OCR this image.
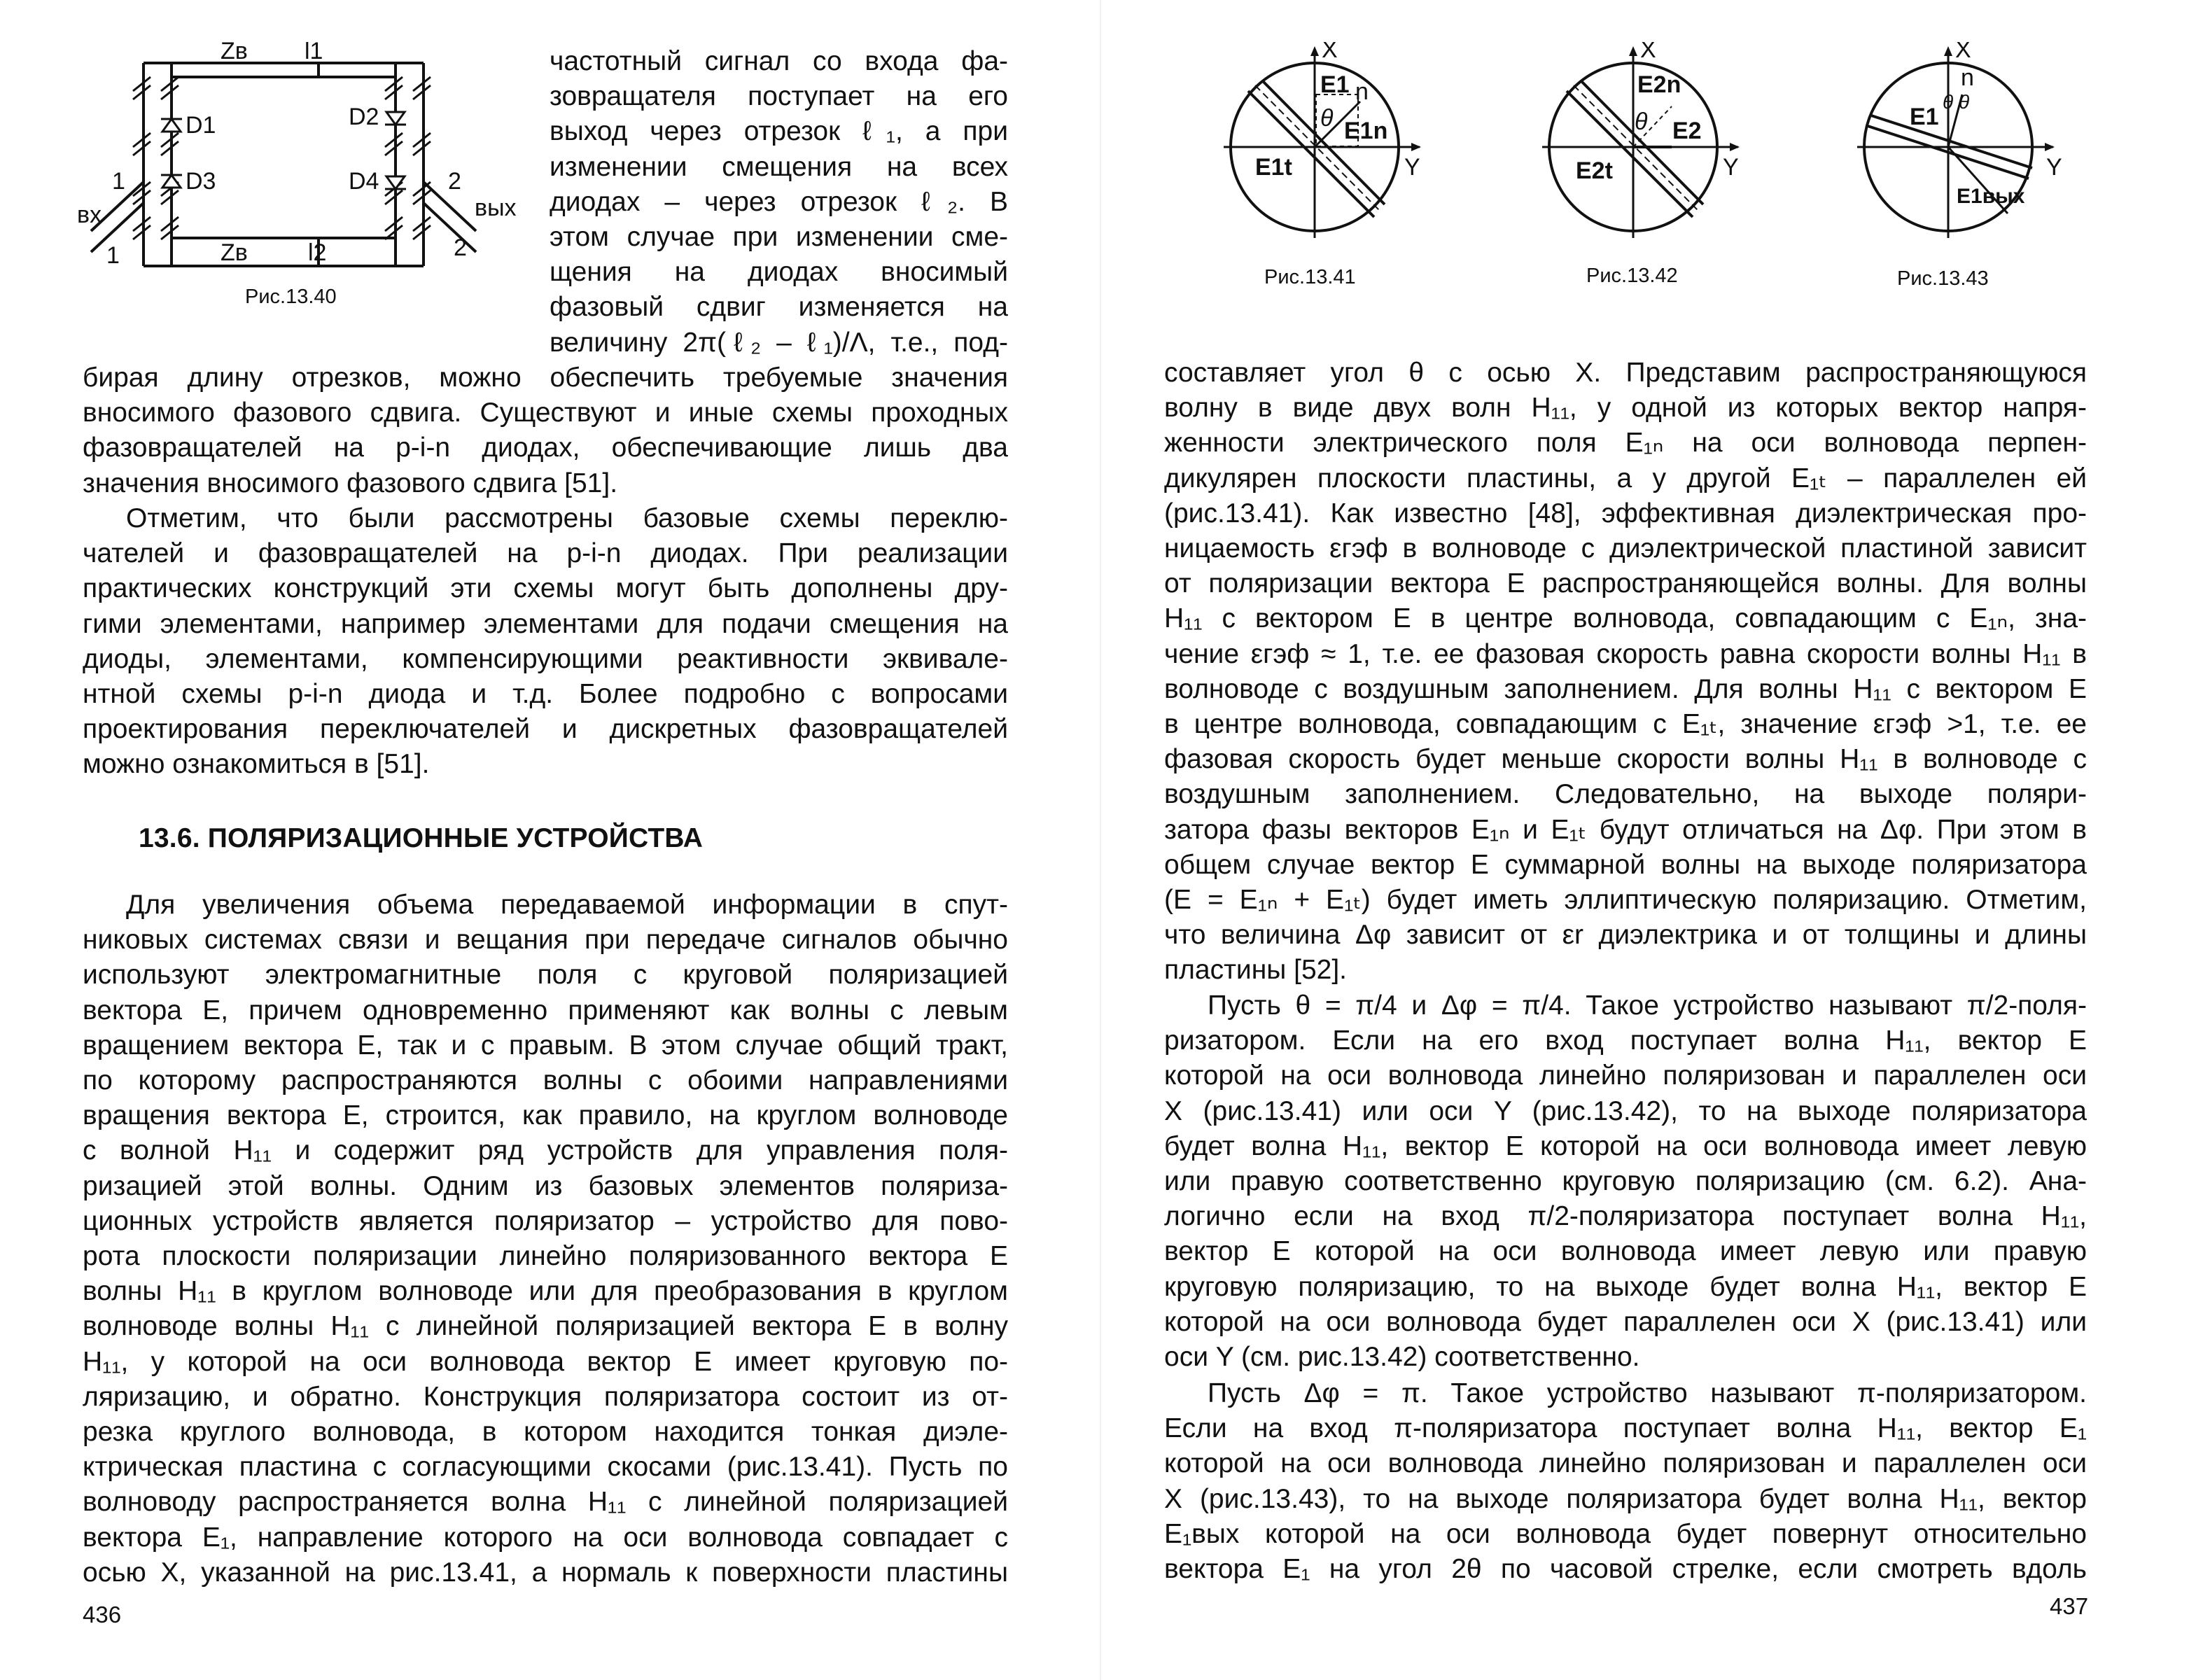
Zв l1
D1	D2
D3	D4
1
вх
1
2
вых
2
Zв	l2
Рис.13.40
частотный сигнал со входа фа-
зовращателя поступает на его
выход через отрезок ℓ₁, а при
изменении смещения на всех
диодах – через отрезок ℓ₂. В
этом случае при изменении сме-
щения на диодах вносимый
фазовый сдвиг изменяется на
величину 2π(ℓ₂ – ℓ₁)/Λ, т.е., под-
бирая длину отрезков, можно обеспечить требуемые значения
вносимого фазового сдвига. Существуют и иные схемы проходных
фазовращателей на p-i-n диодах, обеспечивающие лишь два
значения вносимого фазового сдвига [51].
Отметим, что были рассмотрены базовые схемы переклю-
чателей и фазовращателей на p-i-n диодах. При реализации
практических конструкций эти схемы могут быть дополнены дру-
гими элементами, например элементами для подачи смещения на
диоды, элементами, компенсирующими реактивности эквивале-
нтной схемы p-i-n диода и т.д. Более подробно с вопросами
проектирования переключателей и дискретных фазовращателей
можно ознакомиться в [51].
13.6. ПОЛЯРИЗАЦИОННЫЕ УСТРОЙСТВА
Для увеличения объема передаваемой информации в спут-
никовых системах связи и вещания при передаче сигналов обычно
используют электромагнитные поля с круговой поляризацией
вектора E, причем одновременно применяют как волны с левым
вращением вектора E, так и с правым. В этом случае общий тракт,
по которому распространяются волны с обоими направлениями
вращения вектора E, строится, как правило, на круглом волноводе
с волной H₁₁ и содержит ряд устройств для управления поля-
ризацией этой волны. Одним из базовых элементов поляриза-
ционных устройств является поляризатор – устройство для пово-
рота плоскости поляризации линейно поляризованного вектора E
волны H₁₁ в круглом волноводе или для преобразования в круглом
волноводе волны H₁₁ с линейной поляризацией вектора E в волну
H₁₁, у которой на оси волновода вектор E имеет круговую по-
ляризацию, и обратно. Конструкция поляризатора состоит из от-
резка круглого волновода, в котором находится тонкая диэле-
ктрическая пластина с согласующими скосами (рис.13.41). Пусть по
волноводу распространяется волна H₁₁ с линейной поляризацией
вектора E₁, направление которого на оси волновода совпадает с
осью X, указанной на рис.13.41, а нормаль к поверхности пластины
436
X
E1 n
θ E1n
E1t	Y
Рис.13.41
X
E2n
θ E2
E2t	Y
Рис.13.42
X
n
E1
θ θ
E1вых
Y
Рис.13.43
составляет угол θ с осью X. Представим распространяющуюся
волну в виде двух волн H₁₁, у одной из которых вектор напря-
женности электрического поля E₁ₙ на оси волновода перпен-
дикулярен плоскости пластины, а у другой E₁ₜ – параллелен ей
(рис.13.41). Как известно [48], эффективная диэлектрическая про-
ницаемость εгэф в волноводе с диэлектрической пластиной зависит
от поляризации вектора E распространяющейся волны. Для волны
H₁₁ с вектором E в центре волновода, совпадающим с E₁ₙ, зна-
чение εгэф ≈ 1, т.е. ее фазовая скорость равна скорости волны H₁₁ в
волноводе с воздушным заполнением. Для волны H₁₁ с вектором E
в центре волновода, совпадающим с E₁ₜ, значение εгэф >1, т.е. ее
фазовая скорость будет меньше скорости волны H₁₁ в волноводе с
воздушным заполнением. Следовательно, на выходе поляри-
затора фазы векторов E₁ₙ и E₁ₜ будут отличаться на Δφ. При этом в
общем случае вектор E суммарной волны на выходе поляризатора
(E = E₁ₙ + E₁ₜ) будет иметь эллиптическую поляризацию. Отметим,
что величина Δφ зависит от εr диэлектрика и от толщины и длины
пластины [52].
Пусть θ = π/4 и Δφ = π/4. Такое устройство называют π/2-поля-
ризатором. Если на его вход поступает волна H₁₁, вектор E
которой на оси волновода линейно поляризован и параллелен оси
X (рис.13.41) или оси Y (рис.13.42), то на выходе поляризатора
будет волна H₁₁, вектор E которой на оси волновода имеет левую
или правую соответственно круговую поляризацию (см. 6.2). Ана-
логично если на вход π/2-поляризатора поступает волна H₁₁,
вектор E которой на оси волновода имеет левую или правую
круговую поляризацию, то на выходе будет волна H₁₁, вектор E
которой на оси волновода будет параллелен оси X (рис.13.41) или
оси Y (см. рис.13.42) соответственно.
Пусть Δφ = π. Такое устройство называют π-поляризатором.
Если на вход π-поляризатора поступает волна H₁₁, вектор E₁
которой на оси волновода линейно поляризован и параллелен оси
X (рис.13.43), то на выходе поляризатора будет волна H₁₁, вектор
E₁вых которой на оси волновода будет повернут относительно
вектора E₁ на угол 2θ по часовой стрелке, если смотреть вдоль
437
